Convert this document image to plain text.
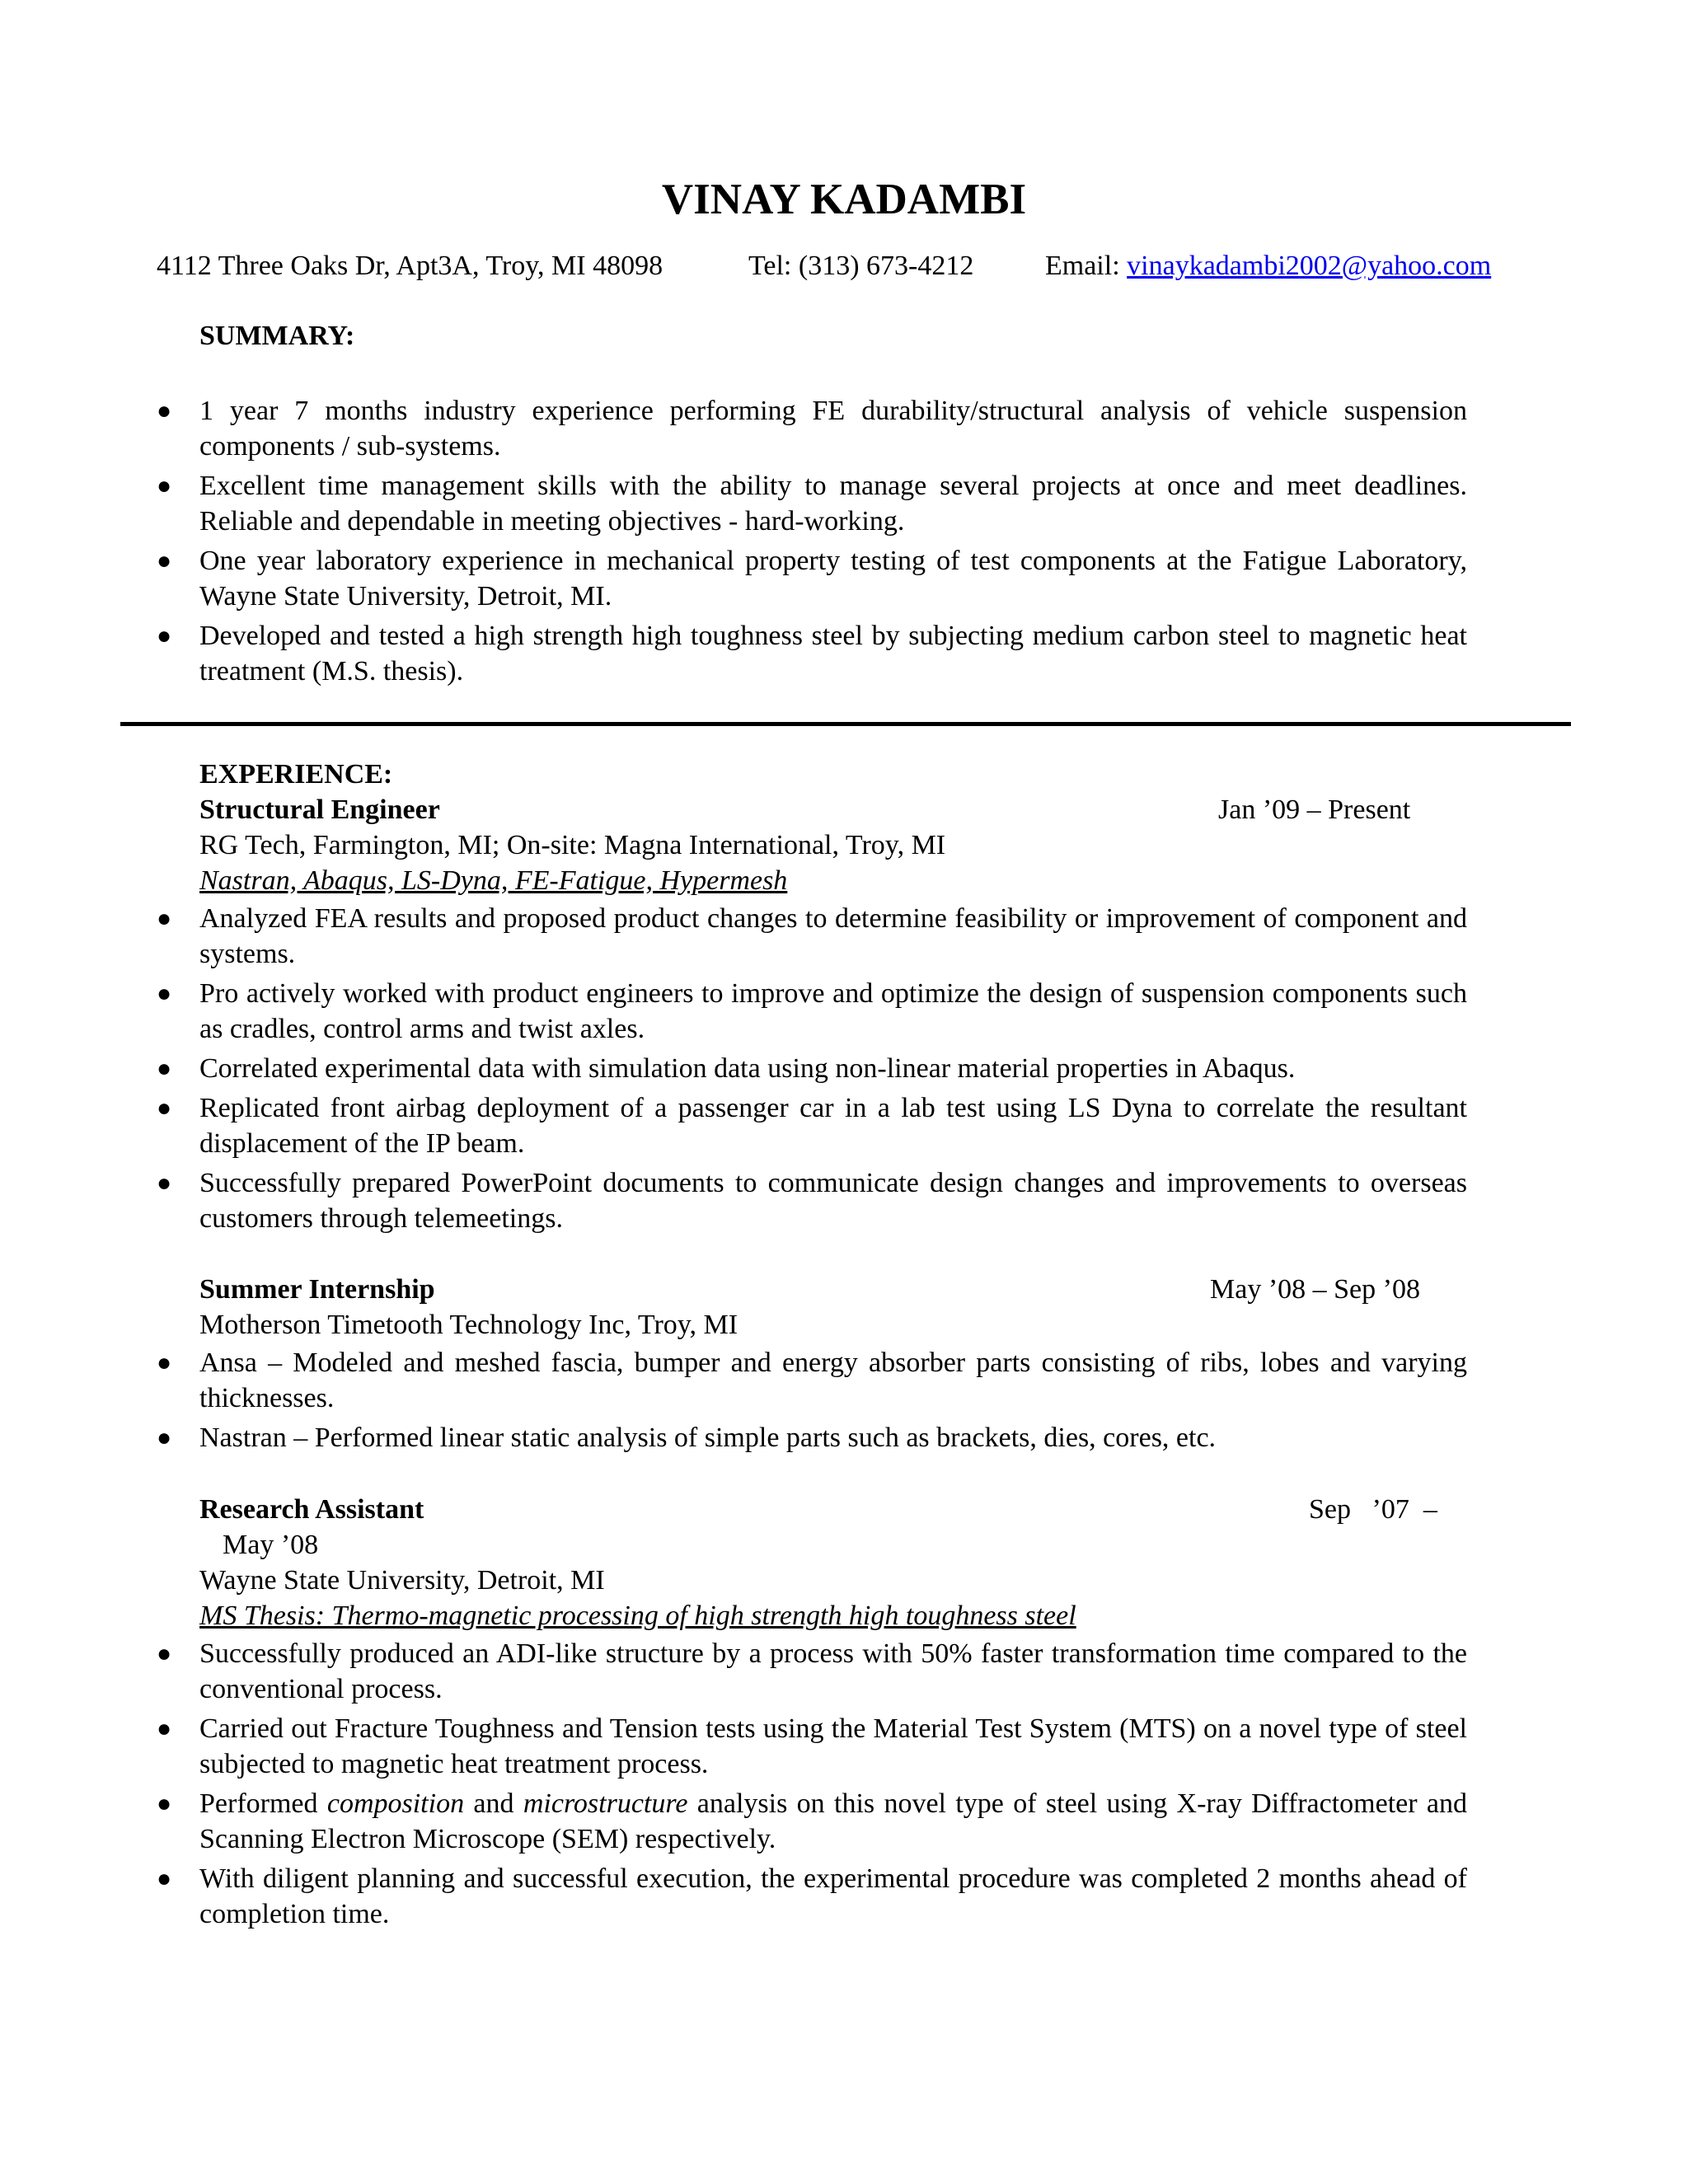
VINAY KADAMBI
4112 Three Oaks Dr, Apt3A, Troy, MI 48098	Tel: (313) 673-4212	Email: vinaykadambi2002@yahoo.com
SUMMARY:
● 1 year 7 months industry experience performing FE durability/structural analysis of vehicle suspension components / sub-systems.
● Excellent time management skills with the ability to manage several projects at once and meet deadlines. Reliable and dependable in meeting objectives - hard-working.
● One year laboratory experience in mechanical property testing of test components at the Fatigue Laboratory, Wayne State University, Detroit, MI.
● Developed and tested a high strength high toughness steel by subjecting medium carbon steel to magnetic heat treatment (M.S. thesis).
EXPERIENCE:
Structural Engineer	Jan ’09 – Present
RG Tech, Farmington, MI; On-site: Magna International, Troy, MI
Nastran, Abaqus, LS-Dyna, FE-Fatigue, Hypermesh
● Analyzed FEA results and proposed product changes to determine feasibility or improvement of component and systems.
● Pro actively worked with product engineers to improve and optimize the design of suspension components such as cradles, control arms and twist axles.
● Correlated experimental data with simulation data using non-linear material properties in Abaqus.
● Replicated front airbag deployment of a passenger car in a lab test using LS Dyna to correlate the resultant displacement of the IP beam.
● Successfully prepared PowerPoint documents to communicate design changes and improvements to overseas customers through telemeetings.
Summer Internship	May ’08 – Sep ’08
Motherson Timetooth Technology Inc, Troy, MI
● Ansa – Modeled and meshed fascia, bumper and energy absorber parts consisting of ribs, lobes and varying thicknesses.
● Nastran – Performed linear static analysis of simple parts such as brackets, dies, cores, etc.
Research Assistant	Sep   ’07  –
May ’08
Wayne State University, Detroit, MI
MS Thesis: Thermo-magnetic processing of high strength high toughness steel
● Successfully produced an ADI-like structure by a process with 50% faster transformation time compared to the conventional process.
● Carried out Fracture Toughness and Tension tests using the Material Test System (MTS) on a novel type of steel subjected to magnetic heat treatment process.
● Performed composition and microstructure analysis on this novel type of steel using X-ray Diffractometer and Scanning Electron Microscope (SEM) respectively.
● With diligent planning and successful execution, the experimental procedure was completed 2 months ahead of completion time.
